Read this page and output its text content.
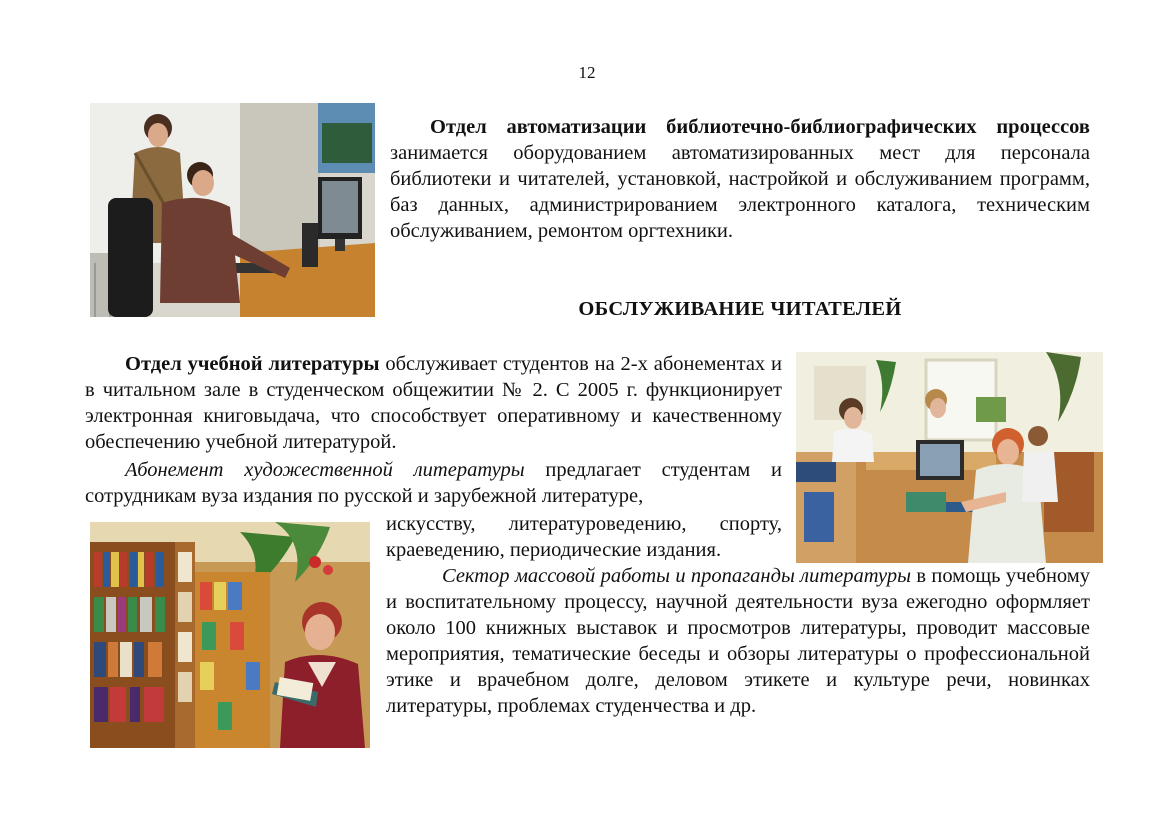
12

Отдел автоматизации библиотечно-библиографических процессов занимается оборудованием автоматизированных мест для персонала библиотеки и читателей, установкой, настройкой и обслуживанием программ, баз данных, администрированием электронного каталога, техническим обслуживанием, ремонтом оргтехники.

ОБСЛУЖИВАНИЕ ЧИТАТЕЛЕЙ

Отдел учебной литературы обслуживает студентов на 2-х абонементах и в читальном зале в студенческом общежитии № 2. С 2005 г. функционирует электронная книговыдача, что способствует оперативному и качественному обеспечению учебной литературой.

Абонемент художественной литературы предлагает студентам и сотрудникам вуза издания по русской и зарубежной литературе,

искусству, литературоведению, спорту, краеведению, периодические издания.

Сектор массовой работы и пропаганды литературы в помощь учебному и воспитательному процессу, научной деятельности вуза ежегодно оформляет около 100 книжных выставок и просмотров литературы, проводит массовые мероприятия, тематические беседы и обзоры литературы о профессиональной этике и врачебном долге, деловом этикете и культуре речи, новинках литературы, проблемах студенчества и др.
